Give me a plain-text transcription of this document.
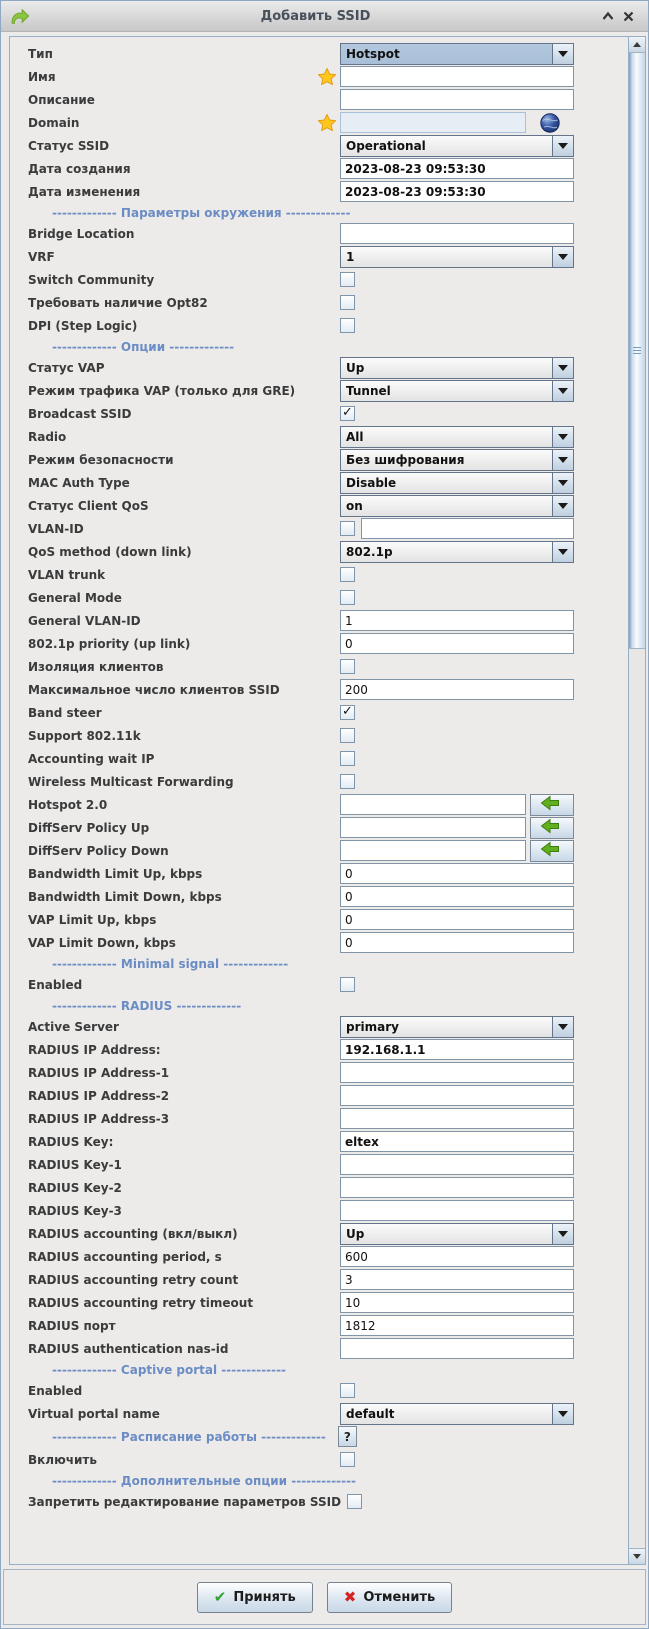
Добавить SSID
Тип	Hotspot
Имя
Описание
Domain
Статус SSID	Operational
Дата создания	2023-08-23 09:53:30
Дата изменения	2023-08-23 09:53:30
------------- Параметры окружения -------------
Bridge Location
VRF	1
Switch Community
Требовать наличие Opt82
DPI (Step Logic)
------------- Опции -------------
Статус VAP	Up
Режим трафика VAP (только для GRE)	Tunnel
Broadcast SSID	✓
Radio	All
Режим безопасности	Без шифрования
MAC Auth Type	Disable
Статус Client QoS	on
VLAN-ID
QoS method (down link)	802.1p
VLAN trunk
General Mode
General VLAN-ID	1
802.1p priority (up link)	0
Изоляция клиентов
Максимальное число клиентов SSID	200
Band steer	✓
Support 802.11k
Accounting wait IP
Wireless Multicast Forwarding
Hotspot 2.0
DiffServ Policy Up
DiffServ Policy Down
Bandwidth Limit Up, kbps	0
Bandwidth Limit Down, kbps	0
VAP Limit Up, kbps	0
VAP Limit Down, kbps	0
------------- Minimal signal -------------
Enabled
------------- RADIUS -------------
Active Server	primary
RADIUS IP Address:	192.168.1.1
RADIUS IP Address-1
RADIUS IP Address-2
RADIUS IP Address-3
RADIUS Key:	eltex
RADIUS Key-1
RADIUS Key-2
RADIUS Key-3
RADIUS accounting (вкл/выкл)	Up
RADIUS accounting period, s	600
RADIUS accounting retry count	3
RADIUS accounting retry timeout	10
RADIUS порт	1812
RADIUS authentication nas-id
------------- Captive portal -------------
Enabled
Virtual portal name	default
------------- Расписание работы -------------	?
Включить
------------- Дополнительные опции -------------
Запретить редактирование параметров SSID
✔ Принять	✖ Отменить
